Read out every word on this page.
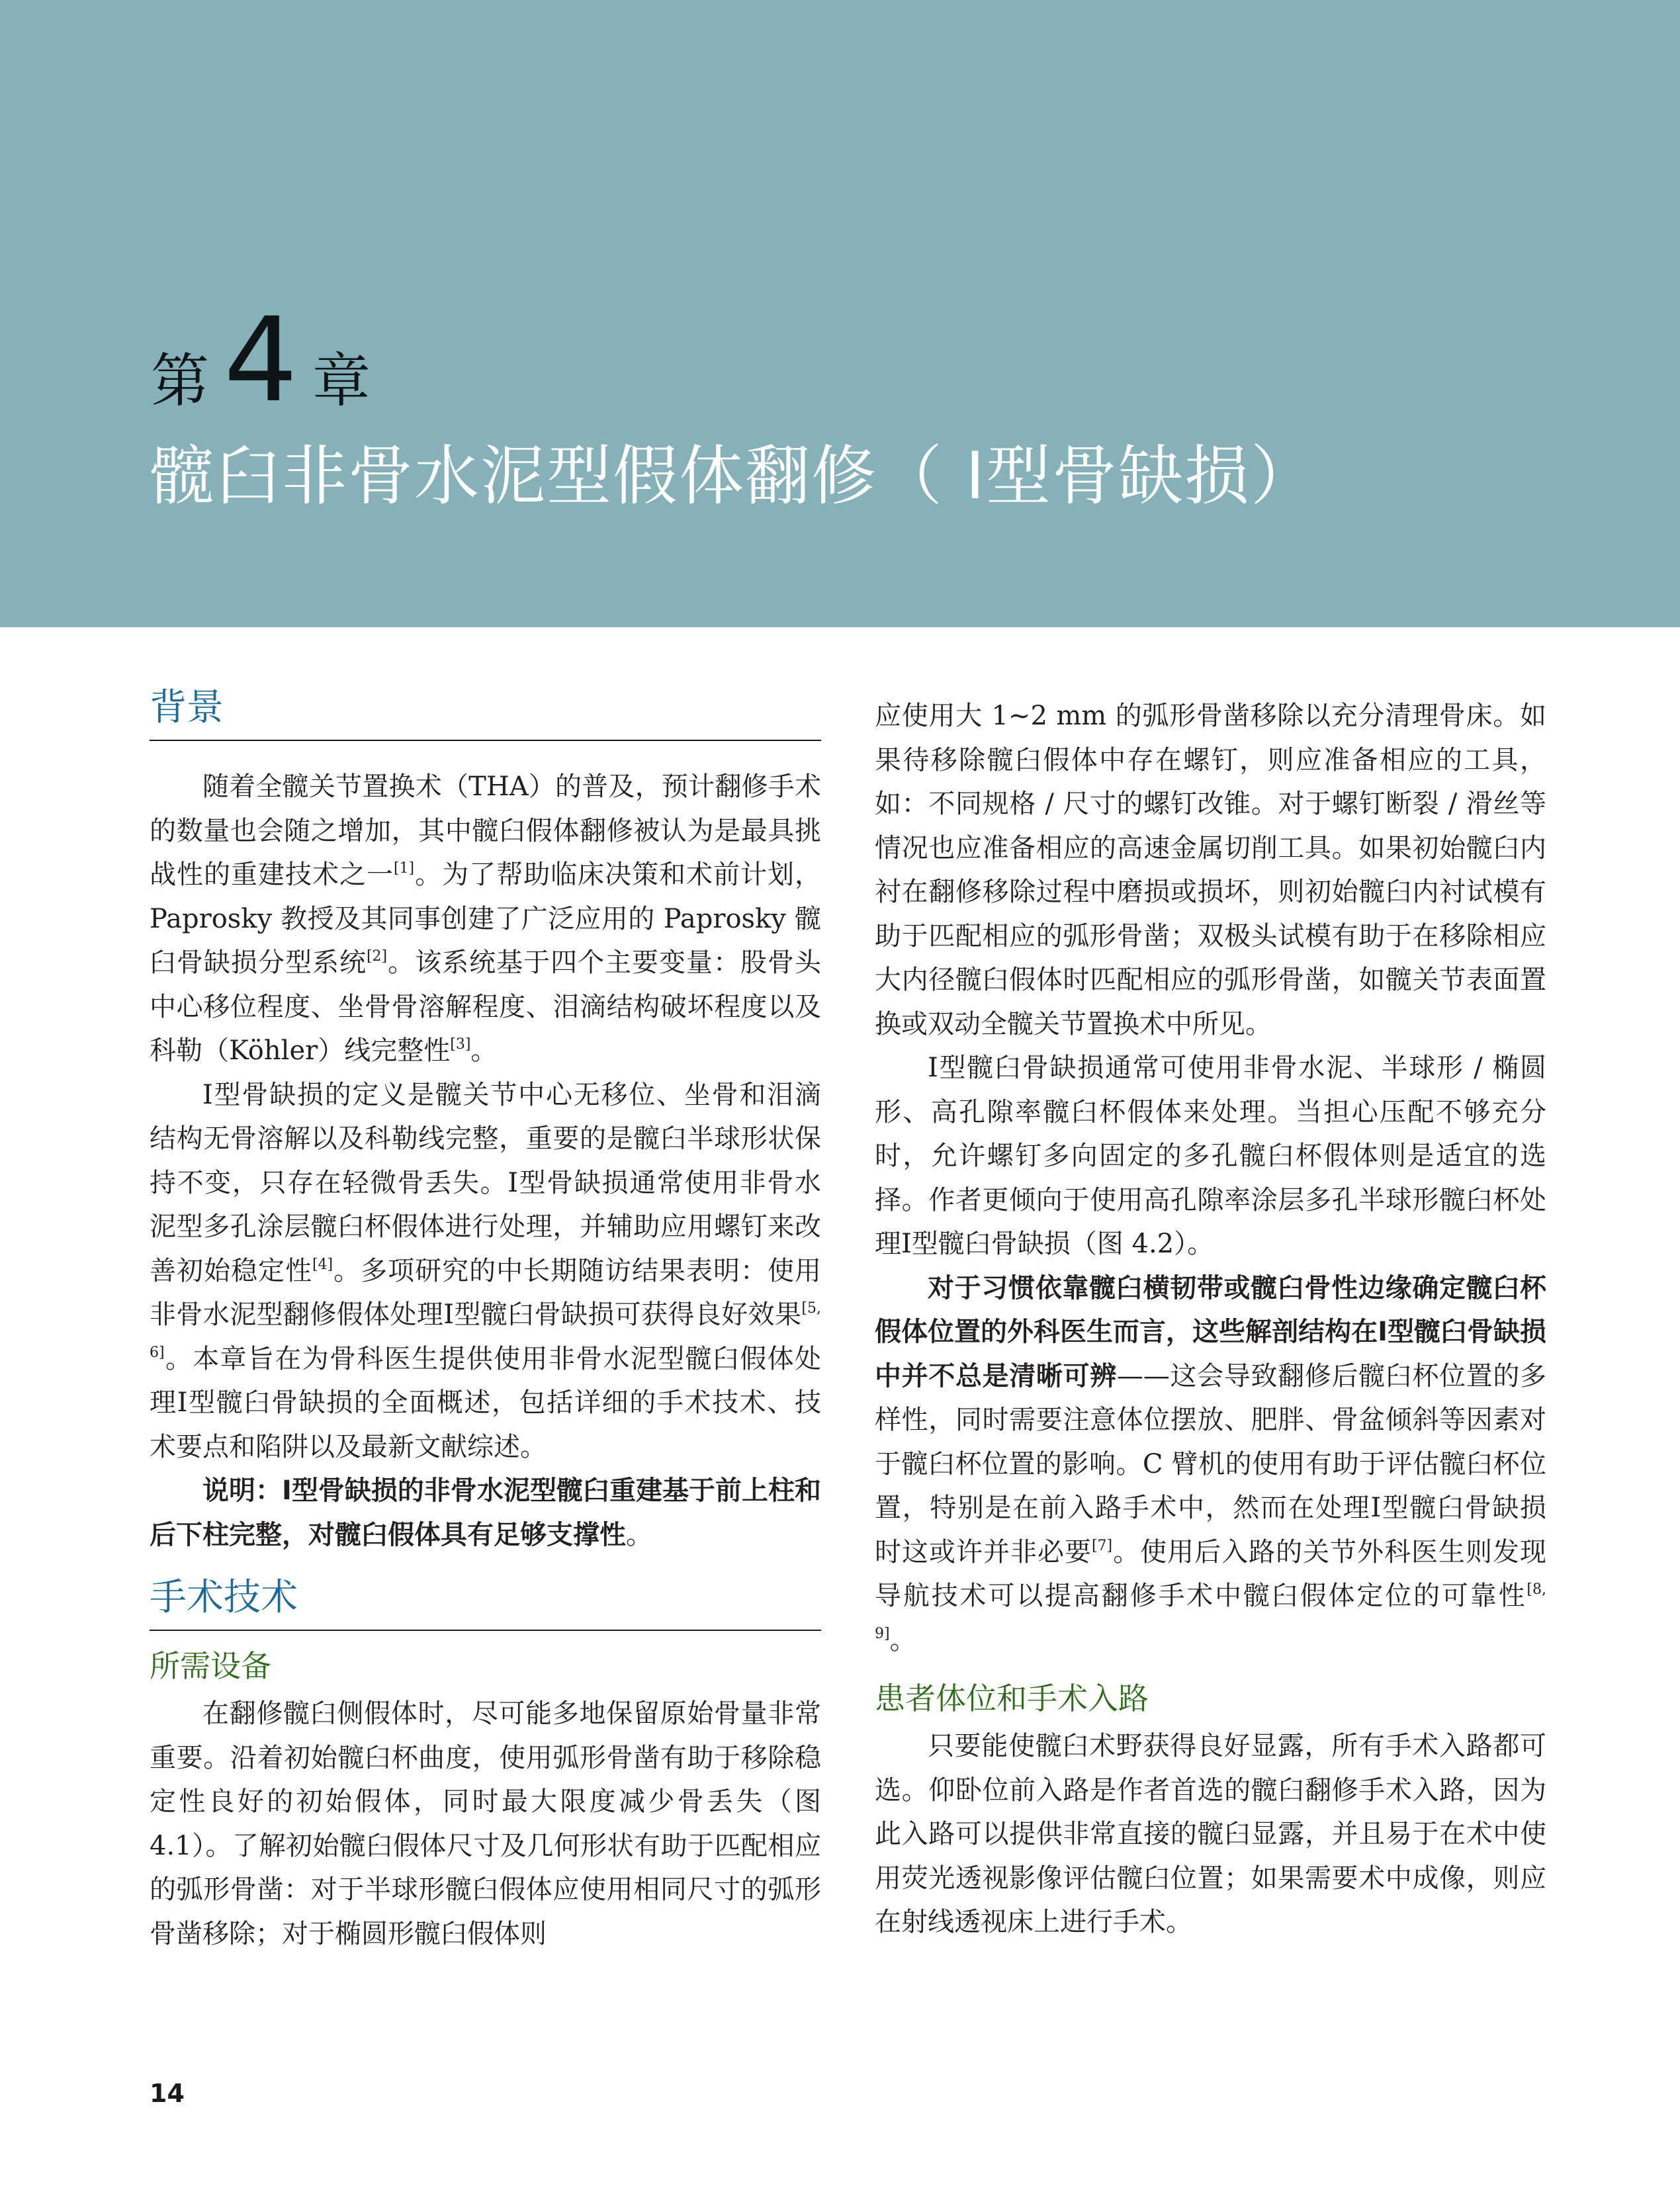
第 4 章
髋臼非骨水泥型假体翻修（ Ⅰ型骨缺损）
背景

随着全髋关节置换术（THA）的普及，预计翻修手术的数量也会随之增加，其中髋臼假体翻修被认为是最具挑战性的重建技术之一[1]。为了帮助临床决策和术前计划，Paprosky 教授及其同事创建了广泛应用的 Paprosky 髋臼骨缺损分型系统[2]。该系统基于四个主要变量：股骨头中心移位程度、坐骨骨溶解程度、泪滴结构破坏程度以及科勒（Köhler）线完整性[3]。

Ⅰ型骨缺损的定义是髋关节中心无移位、坐骨和泪滴结构无骨溶解以及科勒线完整，重要的是髋臼半球形状保持不变，只存在轻微骨丢失。Ⅰ型骨缺损通常使用非骨水泥型多孔涂层髋臼杯假体进行处理，并辅助应用螺钉来改善初始稳定性[4]。多项研究的中长期随访结果表明：使用非骨水泥型翻修假体处理Ⅰ型髋臼骨缺损可获得良好效果[5, 6]。本章旨在为骨科医生提供使用非骨水泥型髋臼假体处理Ⅰ型髋臼骨缺损的全面概述，包括详细的手术技术、技术要点和陷阱以及最新文献综述。

说明：Ⅰ型骨缺损的非骨水泥型髋臼重建基于前上柱和后下柱完整，对髋臼假体具有足够支撑性。

手术技术
所需设备

在翻修髋臼侧假体时，尽可能多地保留原始骨量非常重要。沿着初始髋臼杯曲度，使用弧形骨凿有助于移除稳定性良好的初始假体，同时最大限度减少骨丢失（图 4.1）。了解初始髋臼假体尺寸及几何形状有助于匹配相应的弧形骨凿：对于半球形髋臼假体应使用相同尺寸的弧形骨凿移除；对于椭圆形髋臼假体则

应使用大 1~2 mm 的弧形骨凿移除以充分清理骨床。如果待移除髋臼假体中存在螺钉，则应准备相应的工具，如：不同规格 / 尺寸的螺钉改锥。对于螺钉断裂 / 滑丝等情况也应准备相应的高速金属切削工具。如果初始髋臼内衬在翻修移除过程中磨损或损坏，则初始髋臼内衬试模有助于匹配相应的弧形骨凿；双极头试模有助于在移除相应大内径髋臼假体时匹配相应的弧形骨凿，如髋关节表面置换或双动全髋关节置换术中所见。

Ⅰ型髋臼骨缺损通常可使用非骨水泥、半球形 / 椭圆形、高孔隙率髋臼杯假体来处理。当担心压配不够充分时，允许螺钉多向固定的多孔髋臼杯假体则是适宜的选择。作者更倾向于使用高孔隙率涂层多孔半球形髋臼杯处理Ⅰ型髋臼骨缺损（图 4.2）。

对于习惯依靠髋臼横韧带或髋臼骨性边缘确定髋臼杯假体位置的外科医生而言，这些解剖结构在Ⅰ型髋臼骨缺损中并不总是清晰可辨——这会导致翻修后髋臼杯位置的多样性，同时需要注意体位摆放、肥胖、骨盆倾斜等因素对于髋臼杯位置的影响。C 臂机的使用有助于评估髋臼杯位置，特别是在前入路手术中，然而在处理Ⅰ型髋臼骨缺损时这或许并非必要[7]。使用后入路的关节外科医生则发现导航技术可以提高翻修手术中髋臼假体定位的可靠性[8, 9]。

患者体位和手术入路

只要能使髋臼术野获得良好显露，所有手术入路都可选。仰卧位前入路是作者首选的髋臼翻修手术入路，因为此入路可以提供非常直接的髋臼显露，并且易于在术中使用荧光透视影像评估髋臼位置；如果需要术中成像，则应在射线透视床上进行手术。

14
